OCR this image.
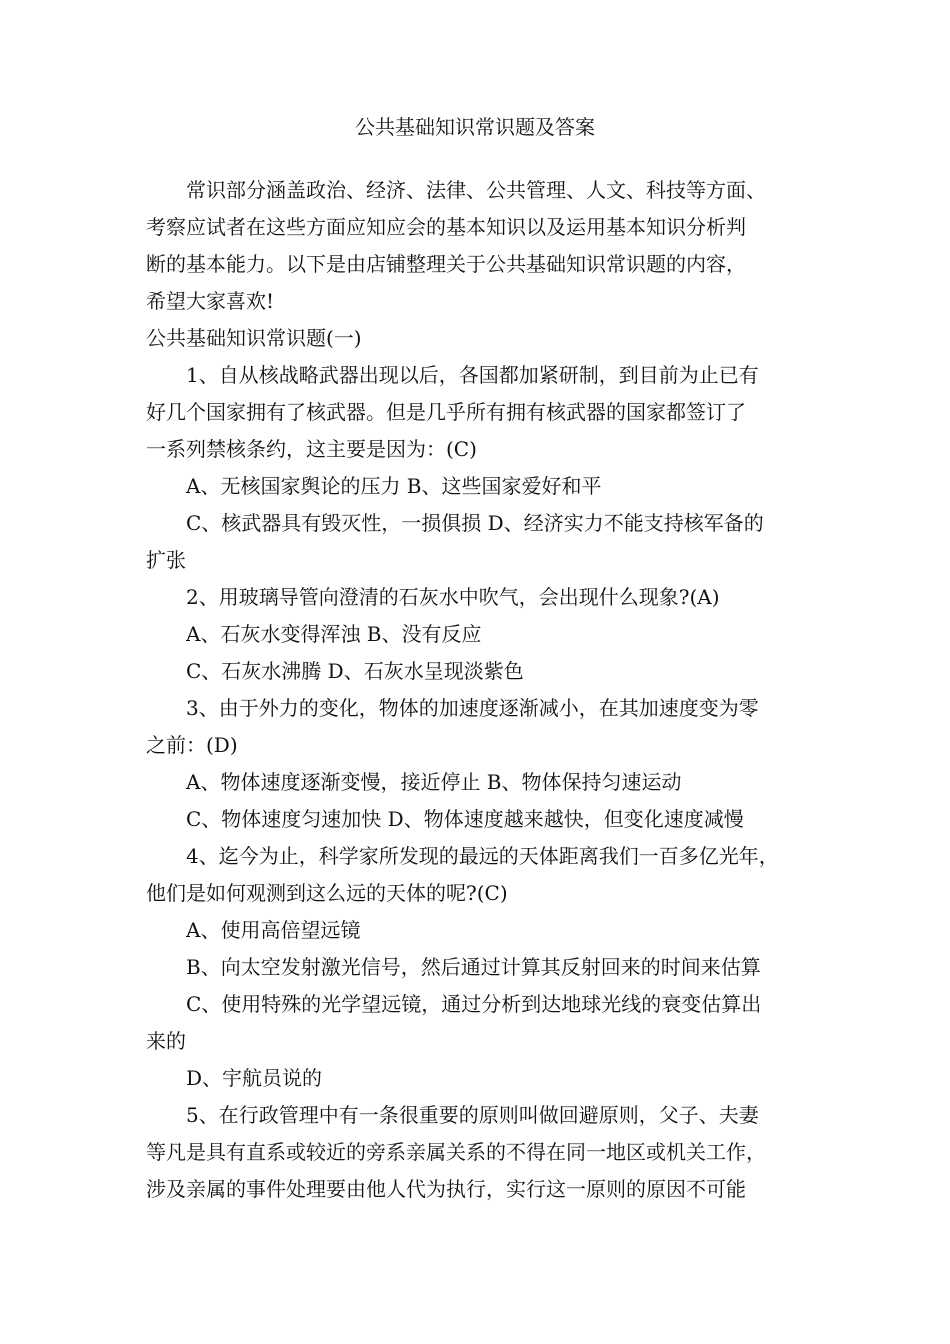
公共基础知识常识题及答案
常识部分涵盖政治、经济、法律、公共管理、人文、科技等方面、
考察应试者在这些方面应知应会的基本知识以及运用基本知识分析判
断的基本能力。以下是由店铺整理关于公共基础知识常识题的内容，
希望大家喜欢!
公共基础知识常识题(一)
1、自从核战略武器出现以后，各国都加紧研制，到目前为止已有
好几个国家拥有了核武器。但是几乎所有拥有核武器的国家都签订了
一系列禁核条约，这主要是因为：(C)
A、无核国家舆论的压力 B、这些国家爱好和平
C、核武器具有毁灭性，一损俱损 D、经济实力不能支持核军备的
扩张
2、用玻璃导管向澄清的石灰水中吹气，会出现什么现象?(A)
A、石灰水变得浑浊 B、没有反应
C、石灰水沸腾 D、石灰水呈现淡紫色
3、由于外力的变化，物体的加速度逐渐减小，在其加速度变为零
之前：(D)
A、物体速度逐渐变慢，接近停止 B、物体保持匀速运动
C、物体速度匀速加快 D、物体速度越来越快，但变化速度减慢
4、迄今为止，科学家所发现的最远的天体距离我们一百多亿光年，
他们是如何观测到这么远的天体的呢?(C)
A、使用高倍望远镜
B、向太空发射激光信号，然后通过计算其反射回来的时间来估算
C、使用特殊的光学望远镜，通过分析到达地球光线的衰变估算出
来的
D、宇航员说的
5、在行政管理中有一条很重要的原则叫做回避原则，父子、夫妻
等凡是具有直系或较近的旁系亲属关系的不得在同一地区或机关工作，
涉及亲属的事件处理要由他人代为执行，实行这一原则的原因不可能
